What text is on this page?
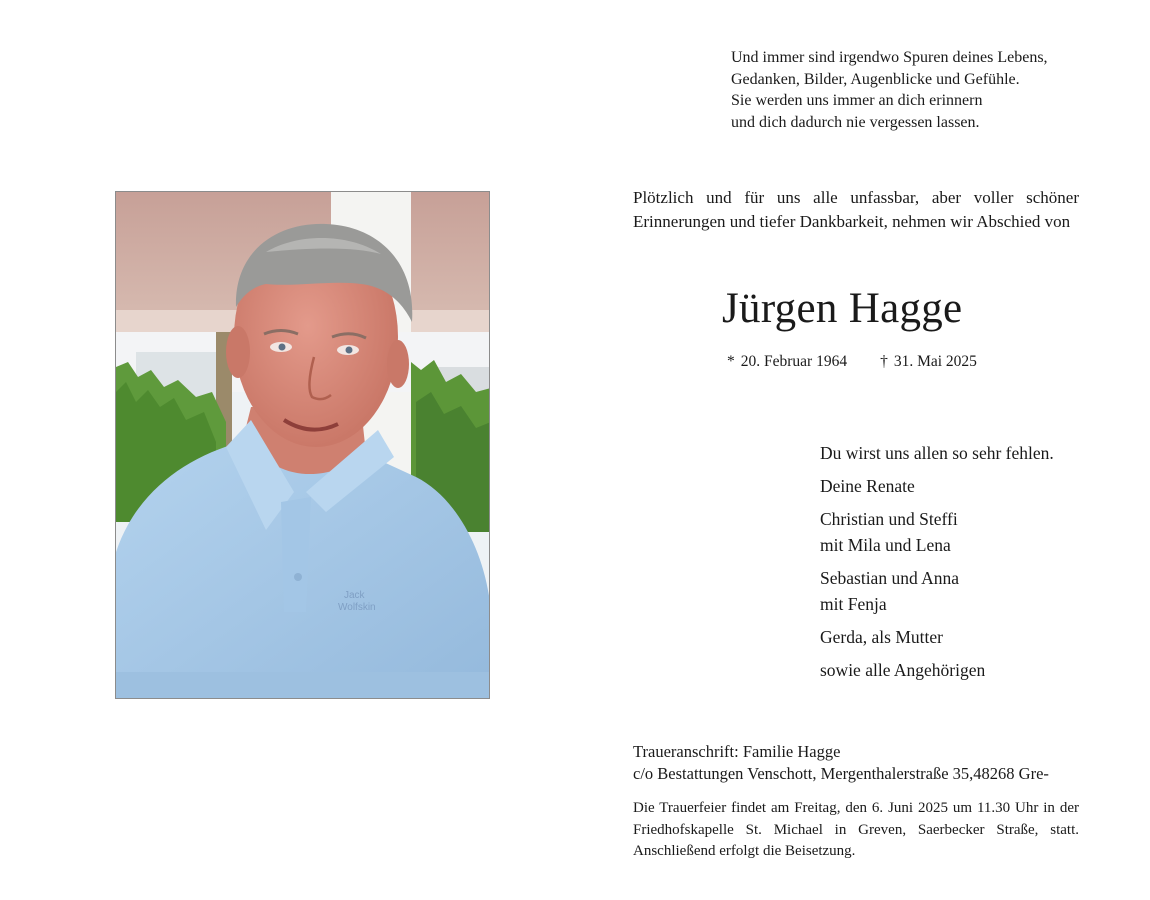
Und immer sind irgendwo Spuren deines Lebens,
Gedanken, Bilder, Augenblicke und Gefühle.
Sie werden uns immer an dich erinnern
und dich dadurch nie vergessen lassen.
Jack
Wolfskin
Plötzlich und für uns alle unfassbar, aber voller schöner Erinnerungen und tiefer Dankbarkeit, nehmen wir Abschied von
Jürgen Hagge
* 20. Februar 1964 † 31. Mai 2025
Du wirst uns allen so sehr fehlen.
Deine Renate
Christian und Steffi
mit Mila und Lena
Sebastian und Anna
mit Fenja
Gerda, als Mutter
sowie alle Angehörigen
Traueranschrift: Familie Hagge
c/o Bestattungen Venschott, Mergenthalerstraße 35,48268 Gre-
Die Trauerfeier findet am Freitag, den 6. Juni 2025 um 11.30 Uhr in der Friedhofskapelle St. Michael in Greven, Saerbecker Straße, statt. Anschließend erfolgt die Beisetzung.
